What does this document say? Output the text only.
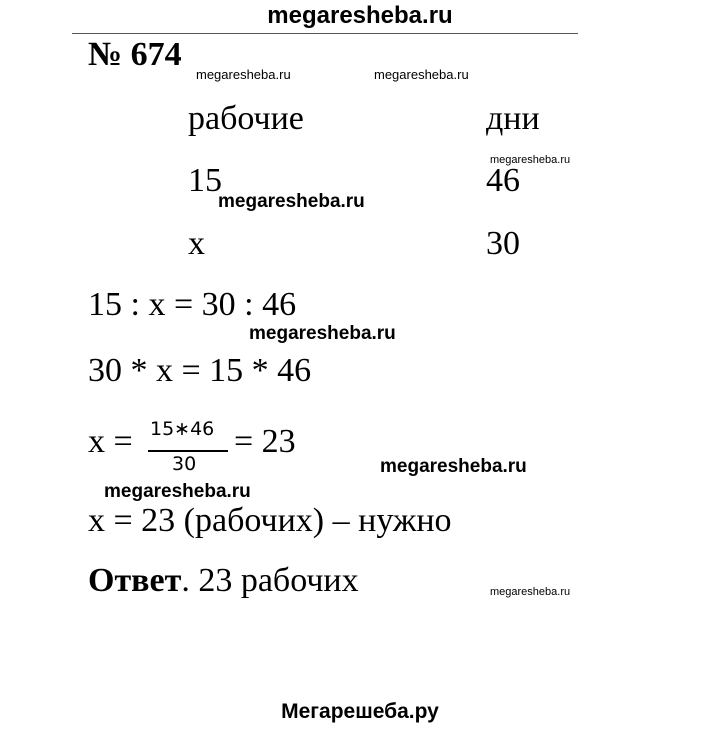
megaresheba.ru
№ 674
megaresheba.ru	megaresheba.ru
рабочие	дни
megaresheba.ru
15	46
megaresheba.ru
x	30
15 : x = 30 : 46
megaresheba.ru
30 * x = 15 * 46
x = 15∗46
30
= 23
megaresheba.ru
megaresheba.ru
x = 23 (рабочих) – нужно
Ответ. 23 рабочих	megaresheba.ru
Мегарешеба.ру
